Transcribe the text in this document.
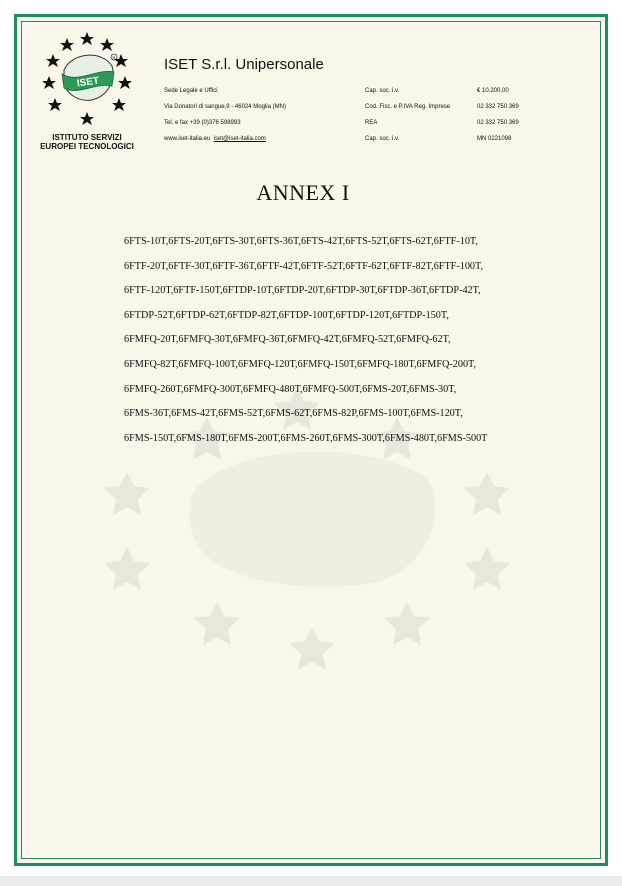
ISET
R
ISTITUTO SERVIZI
EUROPEI TECNOLOGICI
ISET S.r.l. Unipersonale
Sede Legale e Uffici
Via Donatori di sangue,9 - 46024 Moglia (MN)
Tel. e fax +39 (0)376 598993
www.iset-italia.eu iset@iset-italia.com
Cap. soc. i.v.
Cod. Fisc. e P.IVA Reg. Imprese
REA
Cap. soc. i.v.
€ 10.200,00
02 332 750 369
02 332 750 369
MN 0221098
ANNEX I
6FTS-10T,6FTS-20T,6FTS-30T,6FTS-36T,6FTS-42T,6FTS-52T,6FTS-62T,6FTF-10T,
6FTF-20T,6FTF-30T,6FTF-36T,6FTF-42T,6FTF-52T,6FTF-62T,6FTF-82T,6FTF-100T,
6FTF-120T,6FTF-150T,6FTDP-10T,6FTDP-20T,6FTDP-30T,6FTDP-36T,6FTDP-42T,
6FTDP-52T,6FTDP-62T,6FTDP-82T,6FTDP-100T,6FTDP-120T,6FTDP-150T,
6FMFQ-20T,6FMFQ-30T,6FMFQ-36T,6FMFQ-42T,6FMFQ-52T,6FMFQ-62T,
6FMFQ-82T,6FMFQ-100T,6FMFQ-120T,6FMFQ-150T,6FMFQ-180T,6FMFQ-200T,
6FMFQ-260T,6FMFQ-300T,6FMFQ-480T,6FMFQ-500T,6FMS-20T,6FMS-30T,
6FMS-36T,6FMS-42T,6FMS-52T,6FMS-62T,6FMS-82P,6FMS-100T,6FMS-120T,
6FMS-150T,6FMS-180T,6FMS-200T,6FMS-260T,6FMS-300T,6FMS-480T,6FMS-500T
